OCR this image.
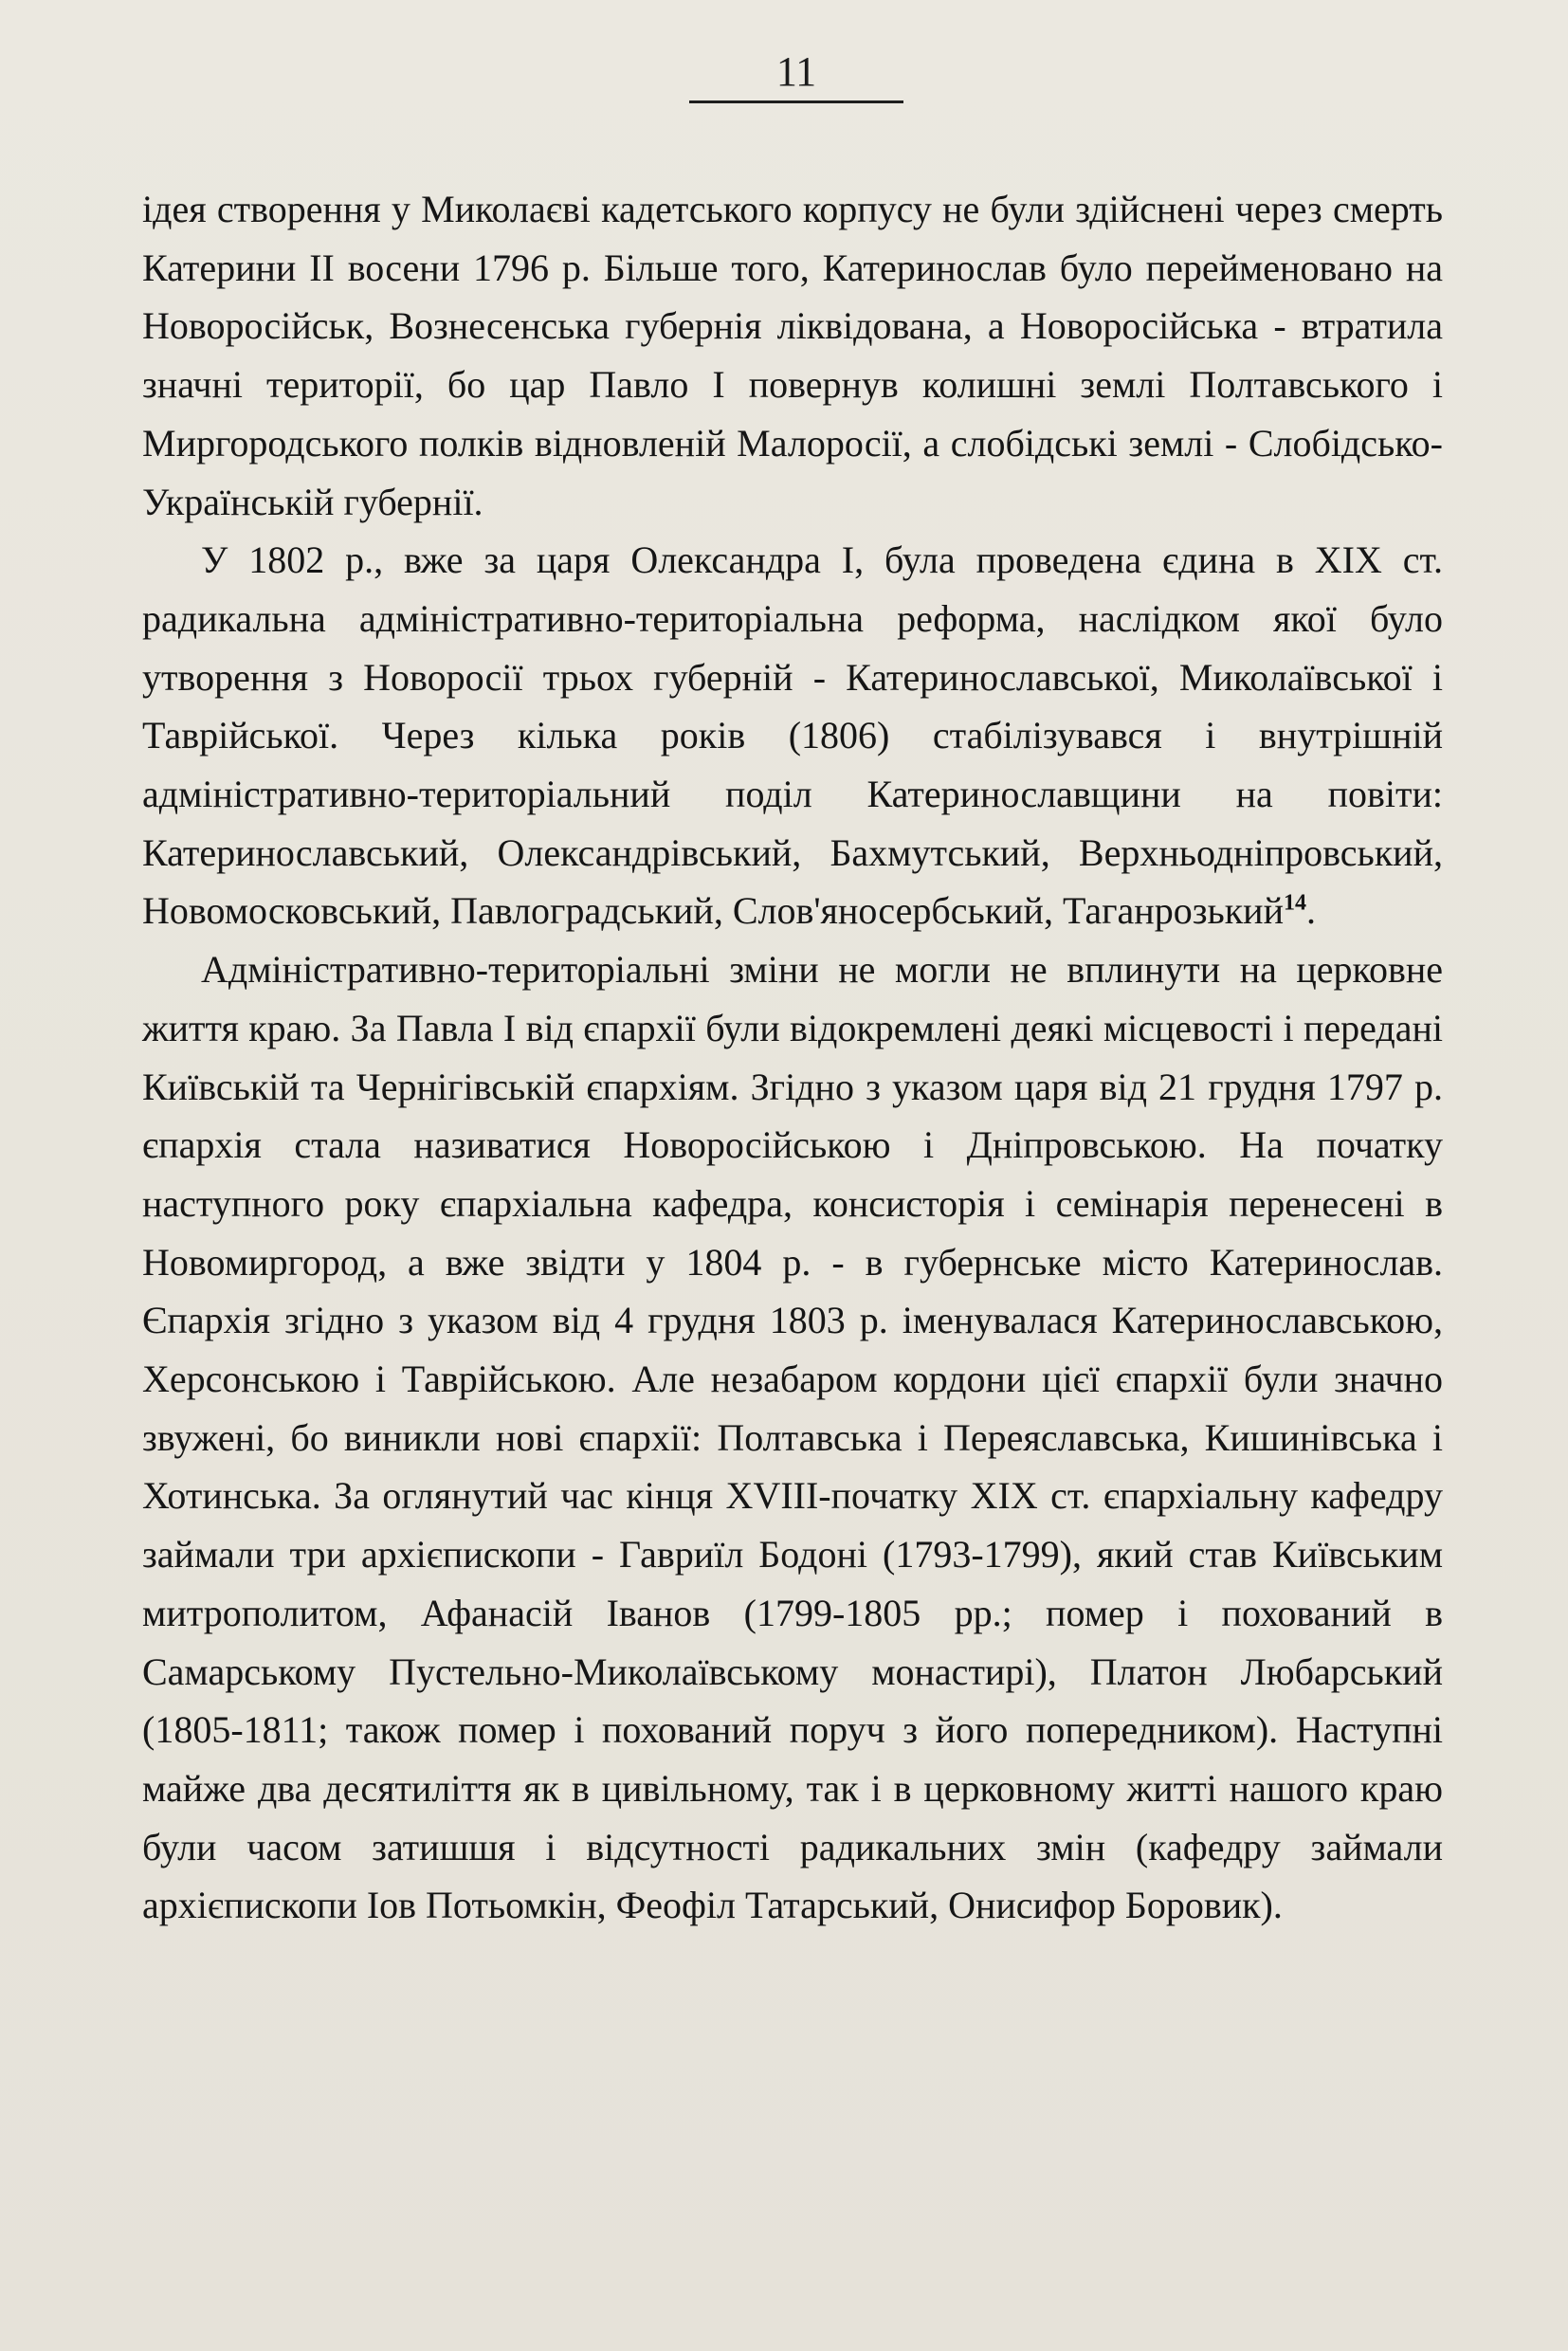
11

ідея створення у Миколаєві кадетського корпусу не були здійснені через смерть Катерини ІІ восени 1796 р. Більше того, Катеринослав було перейменовано на Новоросійськ, Вознесенська губернія ліквідована, а Новоросійська - втратила значні території, бо цар Павло І повернув колишні землі Полтавського і Миргородського полків відновленій Малоросії, а слобідські землі - Слобідсько-Українській губернії.

У 1802 р., вже за царя Олександра І, була проведена єдина в XIX ст. радикальна адміністративно-територіальна реформа, наслідком якої було утворення з Новоросії трьох губерній - Катеринославської, Миколаївської і Таврійської. Через кілька років (1806) стабілізувався і внутрішній адміністративно-територіальний поділ Катеринославщини на повіти: Катеринославський, Олександрівський, Бахмутський, Верхньодніпровський, Новомосковський, Павлоградський, Слов'яносербський, Таганрозький$^{14}$.

Адміністративно-територіальні зміни не могли не вплинути на церковне життя краю. За Павла І від єпархії були відокремлені деякі місцевості і передані Київській та Чернігівській єпархіям. Згідно з указом царя від 21 грудня 1797 р. єпархія стала називатися Новоросійською і Дніпровською. На початку наступного року єпархіальна кафедра, консисторія і семінарія перенесені в Новомиргород, а вже звідти у 1804 р. - в губернське місто Катеринослав. Єпархія згідно з указом від 4 грудня 1803 р. іменувалася Катеринославською, Херсонською і Таврійською. Але незабаром кордони цієї єпархії були значно звужені, бо виникли нові єпархії: Полтавська і Переяславська, Кишинівська і Хотинська. За оглянутий час кінця XVIII-початку XIX ст. єпархіальну кафедру займали три архієпископи - Гавриїл Бодоні (1793-1799), який став Київським митрополитом, Афанасій Іванов (1799-1805 рр.; помер і похований в Самарському Пустельно-Миколаївському монастирі), Платон Любарський (1805-1811; також помер і похований поруч з його попередником). Наступні майже два десятиліття як в цивільному, так і в церковному житті нашого краю були часом затишшя і відсутності радикальних змін (кафедру займали архієпископи Іов Потьомкін, Феофіл Татарський, Онисифор Боровик).
